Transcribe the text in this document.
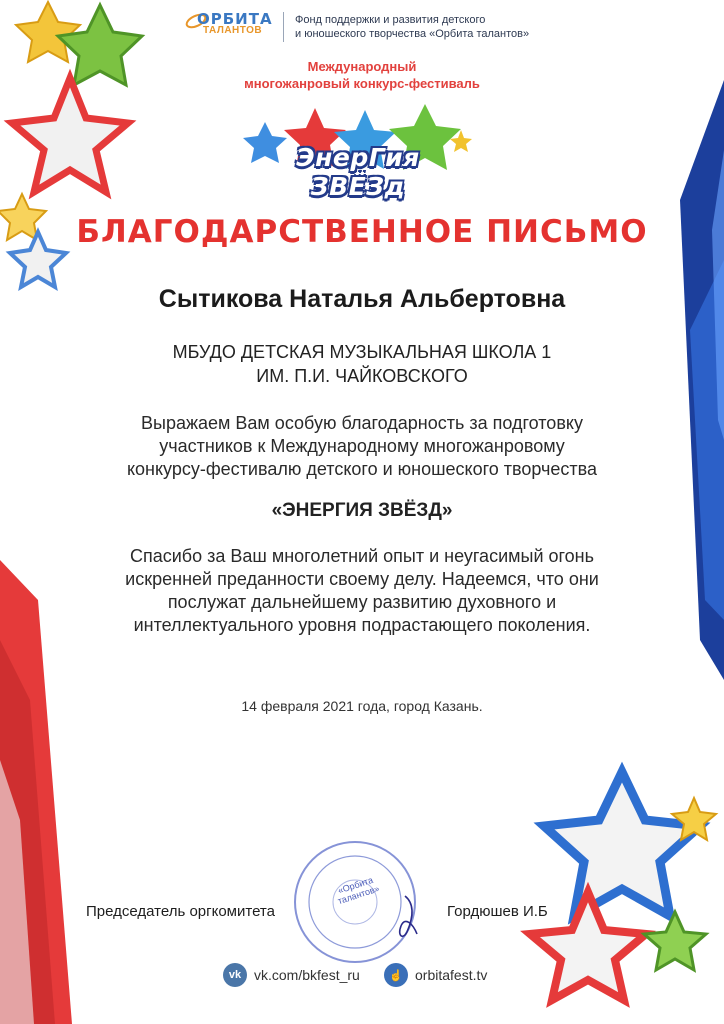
ОРБИТА
ТАЛАНТОВ
Фонд поддержки и развития детского
и юношеского творчества «Орбита талантов»
Международный
многожанровый конкурс-фестиваль
ЭнерГия ЗВЁЗд
БЛАГОДАРСТВЕННОЕ ПИСЬМО
Сытикова Наталья Альбертовна
МБУДО ДЕТСКАЯ МУЗЫКАЛЬНАЯ ШКОЛА 1
ИМ. П.И. ЧАЙКОВСКОГО
Выражаем Вам особую благодарность за подготовку
участников к Международному многожанровому
конкурсу-фестивалю детского и юношеского творчества
«ЭНЕРГИЯ ЗВЁЗД»
Спасибо за Ваш многолетний опыт и неугасимый огонь
искренней преданности своему делу. Надеемся, что они
послужат дальнейшему развитию духовного и
интеллектуального уровня подрастающего поколения.
14 февраля 2021 года, город Казань.
Председатель оргкомитета
«Орбита талантов»
Гордюшев И.Б
vk vk.com/bkfest_ru	☝ orbitafest.tv
